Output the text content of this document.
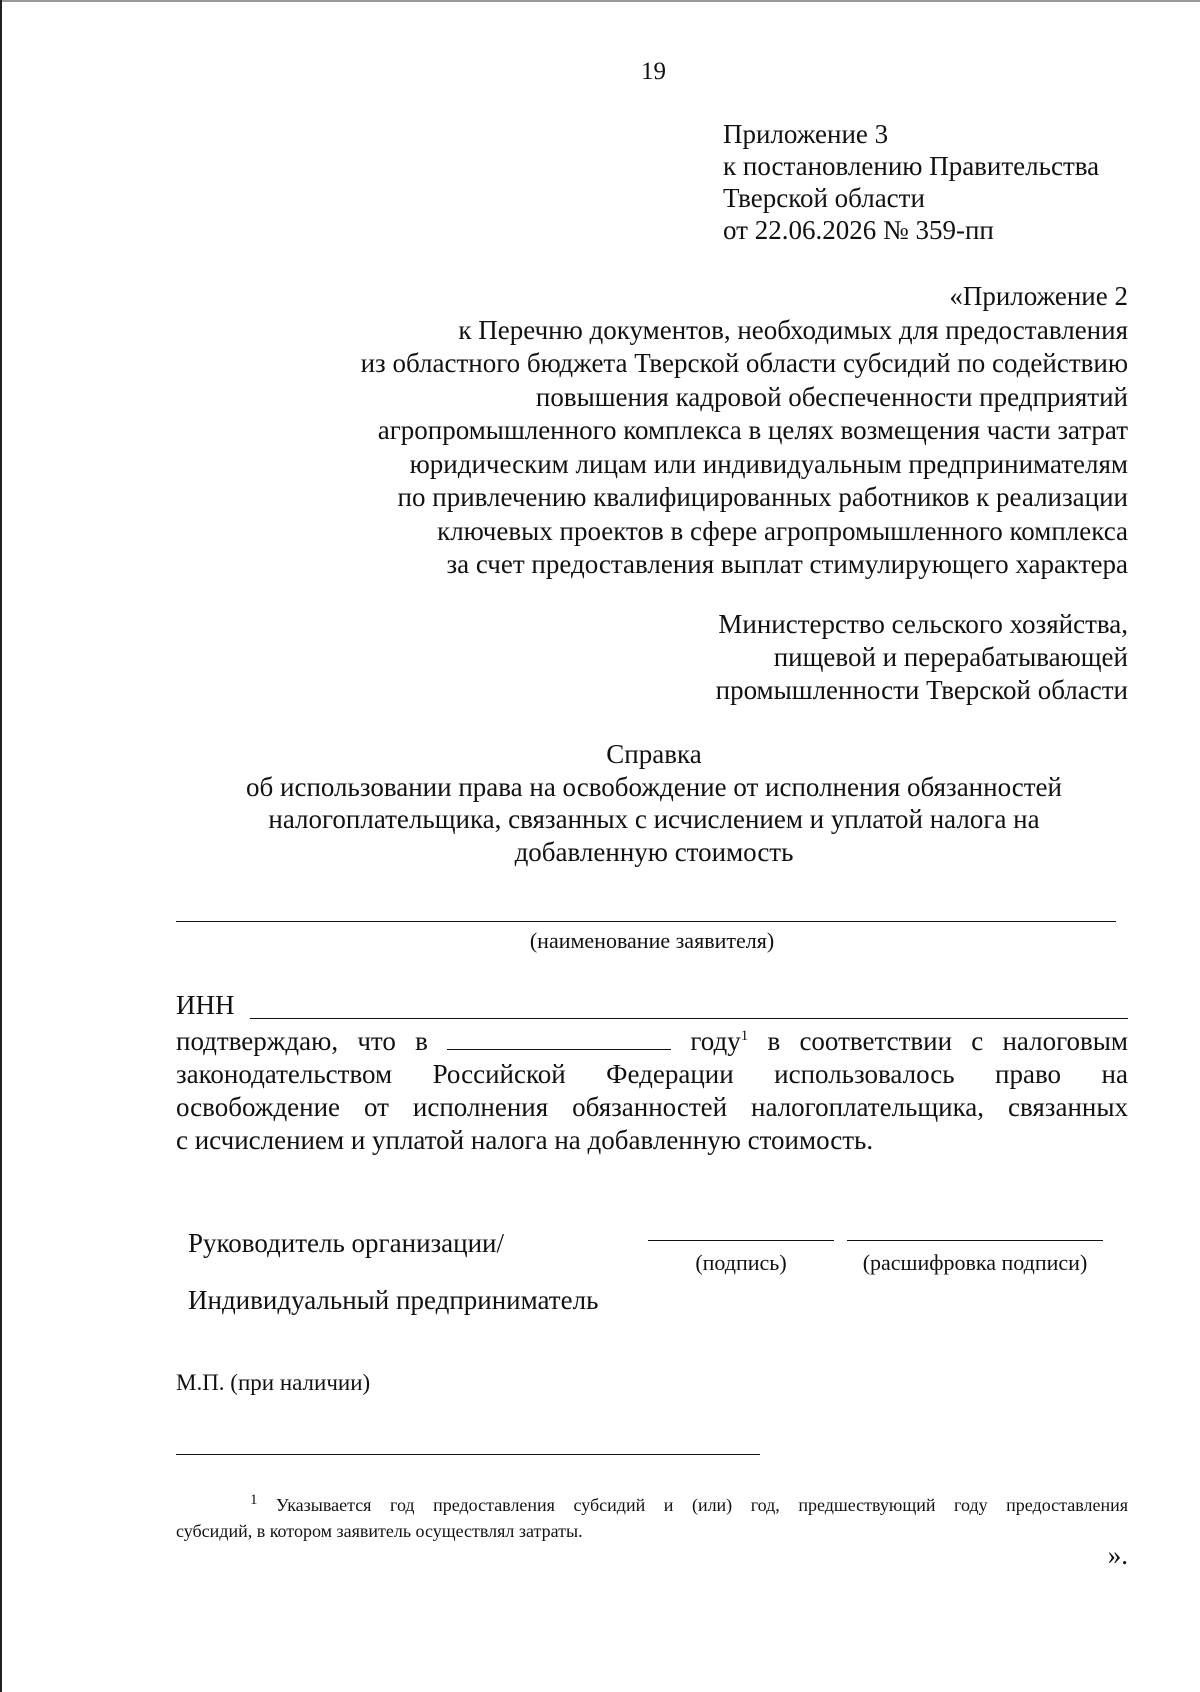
19
Приложение 3
к постановлению Правительства
Тверской области
от 22.06.2026 № 359-пп
«Приложение 2
к Перечню документов, необходимых для предоставления
из областного бюджета Тверской области субсидий по содействию
повышения кадровой обеспеченности предприятий
агропромышленного комплекса в целях возмещения части затрат
юридическим лицам или индивидуальным предпринимателям
по привлечению квалифицированных работников к реализации
ключевых проектов в сфере агропромышленного комплекса
за счет предоставления выплат стимулирующего характера
Министерство сельского хозяйства,
пищевой и перерабатывающей
промышленности Тверской области
Справка
об использовании права на освобождение от исполнения обязанностей
налогоплательщика, связанных с исчислением и уплатой налога на
добавленную стоимость
(наименование заявителя)
ИНН
подтверждаю, что в	году$^1$ в соответствии с налоговым
законодательством Российской Федерации использовалось право на
освобождение от исполнения обязанностей налогоплательщика, связанных
с исчислением и уплатой налога на добавленную стоимость.
Руководитель организации/
Индивидуальный предприниматель
(подпись)	(расшифровка подписи)
М.П. (при наличии)
$^1$ Указывается год предоставления субсидий и (или) год, предшествующий году предоставления
субсидий, в котором заявитель осуществлял затраты.
».
